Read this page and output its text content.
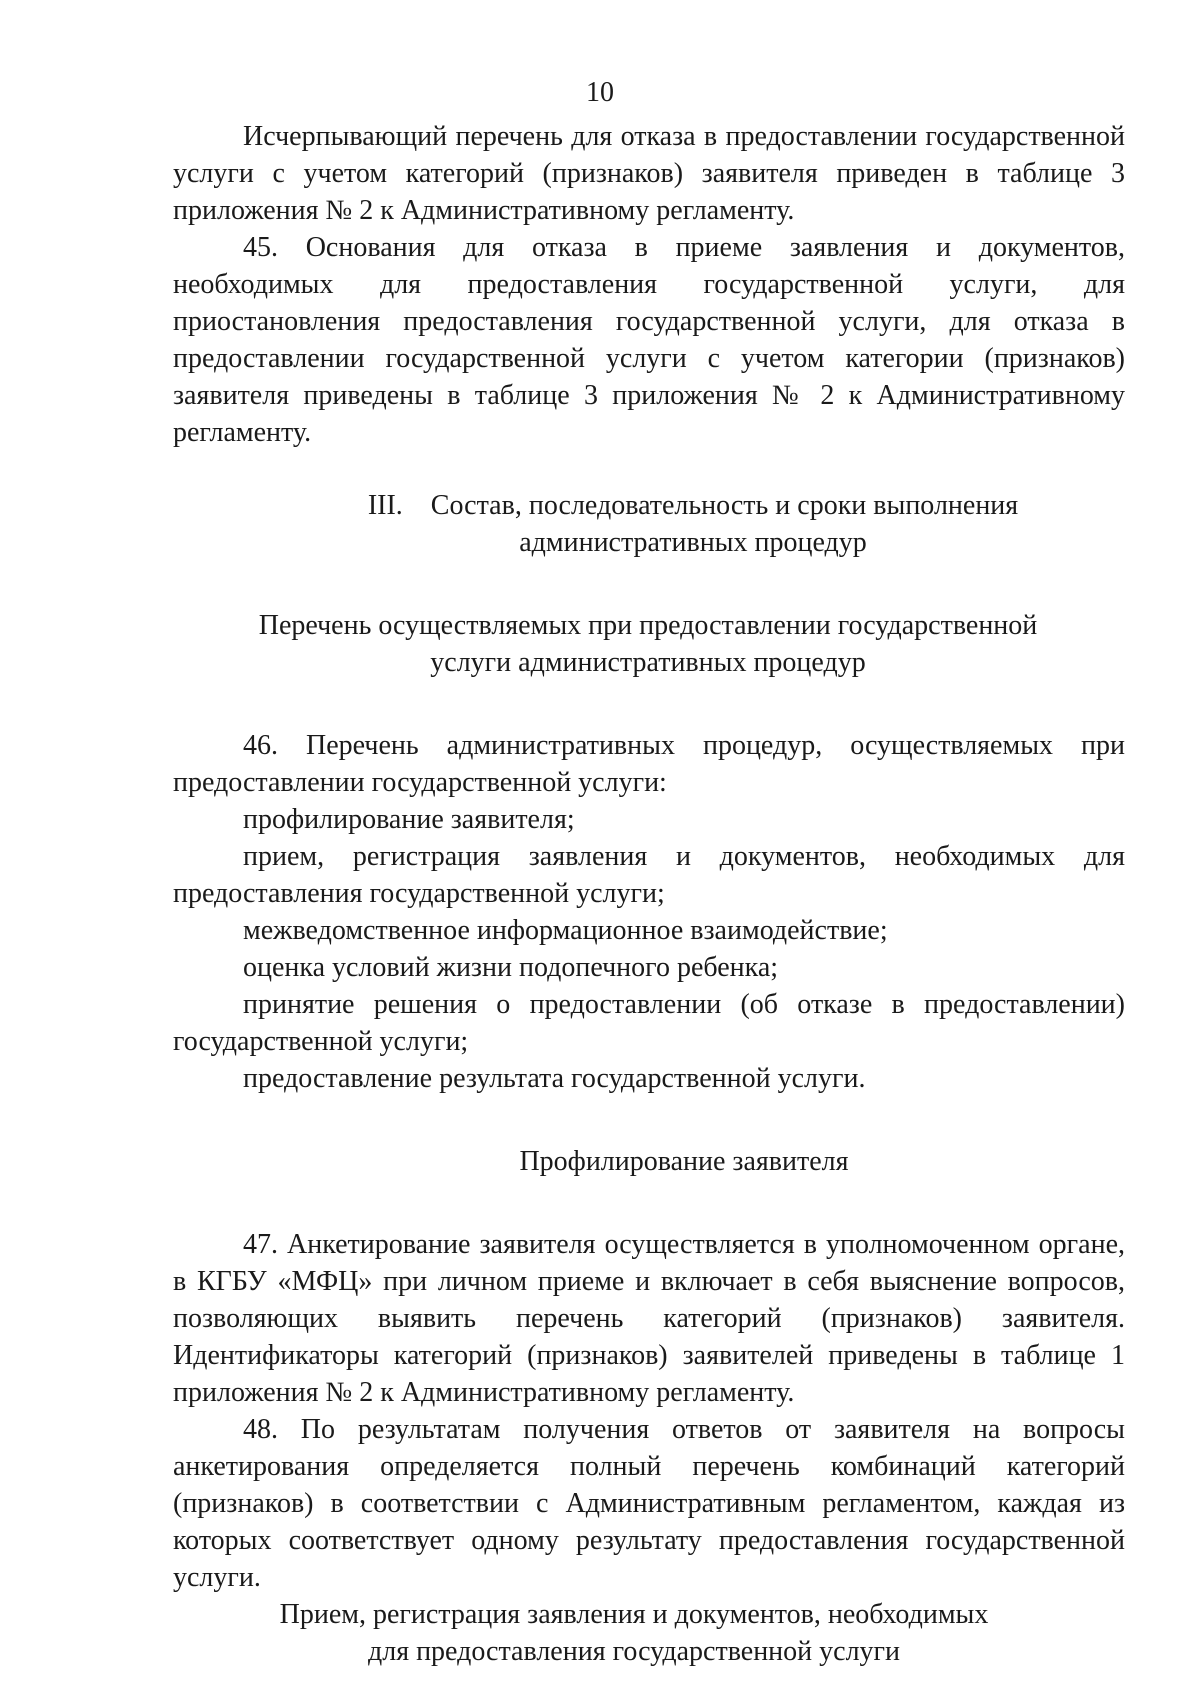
10

Исчерпывающий перечень для отказа в предоставлении государственной услуги с учетом категорий (признаков) заявителя приведен в таблице 3 приложения № 2 к Административному регламенту.

45. Основания для отказа в приеме заявления и документов, необходимых для предоставления государственной услуги, для приостановления предоставления государственной услуги, для отказа в предоставлении государственной услуги с учетом категории (признаков) заявителя приведены в таблице 3 приложения № 2 к Административному регламенту.

III.    Состав, последовательность и сроки выполнения
административных процедур

Перечень осуществляемых при предоставлении государственной
услуги административных процедур

46. Перечень административных процедур, осуществляемых при предоставлении государственной услуги:

профилирование заявителя;

прием, регистрация заявления и документов, необходимых для предоставления государственной услуги;

межведомственное информационное взаимодействие;

оценка условий жизни подопечного ребенка;

принятие решения о предоставлении (об отказе в предоставлении) государственной услуги;

предоставление результата государственной услуги.

Профилирование заявителя

47. Анкетирование заявителя осуществляется в уполномоченном органе, в КГБУ «МФЦ» при личном приеме и включает в себя выяснение вопросов, позволяющих выявить перечень категорий (признаков) заявителя. Идентификаторы категорий (признаков) заявителей приведены в таблице 1 приложения № 2 к Административному регламенту.

48. По результатам получения ответов от заявителя на вопросы анкетирования определяется полный перечень комбинаций категорий (признаков) в соответствии с Административным регламентом, каждая из которых соответствует одному результату предоставления государственной услуги.

Прием, регистрация заявления и документов, необходимых
для предоставления государственной услуги
